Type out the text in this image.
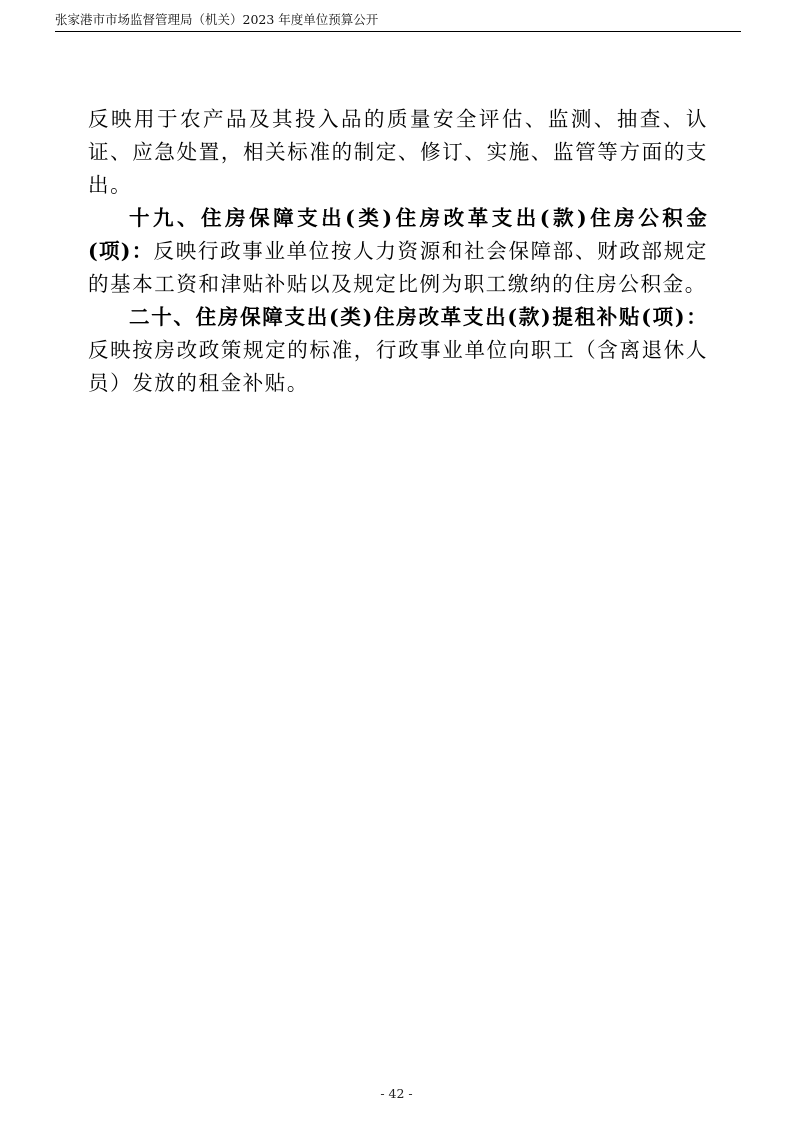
张家港市市场监督管理局（机关）2023 年度单位预算公开

反映用于农产品及其投入品的质量安全评估、监测、抽查、认证、应急处置，相关标准的制定、修订、实施、监管等方面的支出。

十九、住房保障支出(类)住房改革支出(款)住房公积金(项)：反映行政事业单位按人力资源和社会保障部、财政部规定的基本工资和津贴补贴以及规定比例为职工缴纳的住房公积金。

二十、住房保障支出(类)住房改革支出(款)提租补贴(项)：反映按房改政策规定的标准，行政事业单位向职工（含离退休人员）发放的租金补贴。

- 42 -
